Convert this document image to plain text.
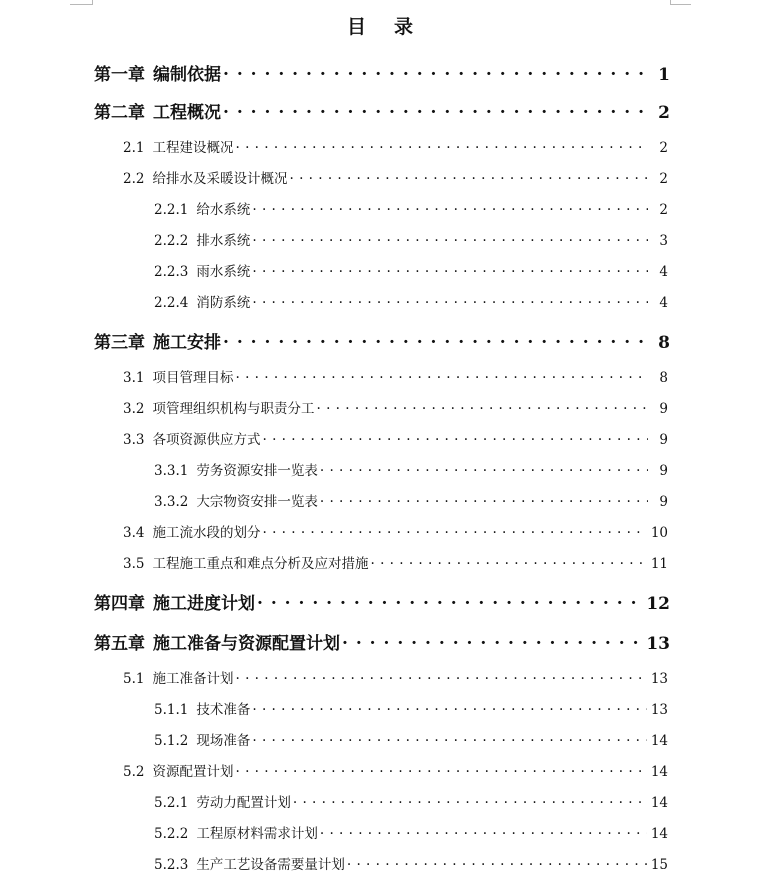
目录
第一章 编制依据 . . .	1
第二章 工程概况 . . .	2
2.1 工程建设概况 . . .	2
2.2 给排水及采暖设计概况 . . .	2
2.2.1 给水系统 . . .	2
2.2.2 排水系统 . . .	3
2.2.3 雨水系统 . . .	4
2.2.4 消防系统 . . .	4
第三章 施工安排 . . .	8
3.1 项目管理目标 . . .	8
3.2 项管理组织机构与职责分工 . . .	9
3.3 各项资源供应方式 . . .	9
3.3.1 劳务资源安排一览表 . . .	9
3.3.2 大宗物资安排一览表 . . .	9
3.4 施工流水段的划分 . . .	10
3.5 工程施工重点和难点分析及应对措施 . . .	11
第四章 施工进度计划 . . .	12
第五章 施工准备与资源配置计划 . . .	13
5.1 施工准备计划 . . .	13
5.1.1 技术准备 . . .	13
5.1.2 现场准备 . . .	14
5.2 资源配置计划 . . .	14
5.2.1 劳动力配置计划 . . .	14
5.2.2 工程原材料需求计划 . . .	14
5.2.3 生产工艺设备需要量计划 . . .	15
